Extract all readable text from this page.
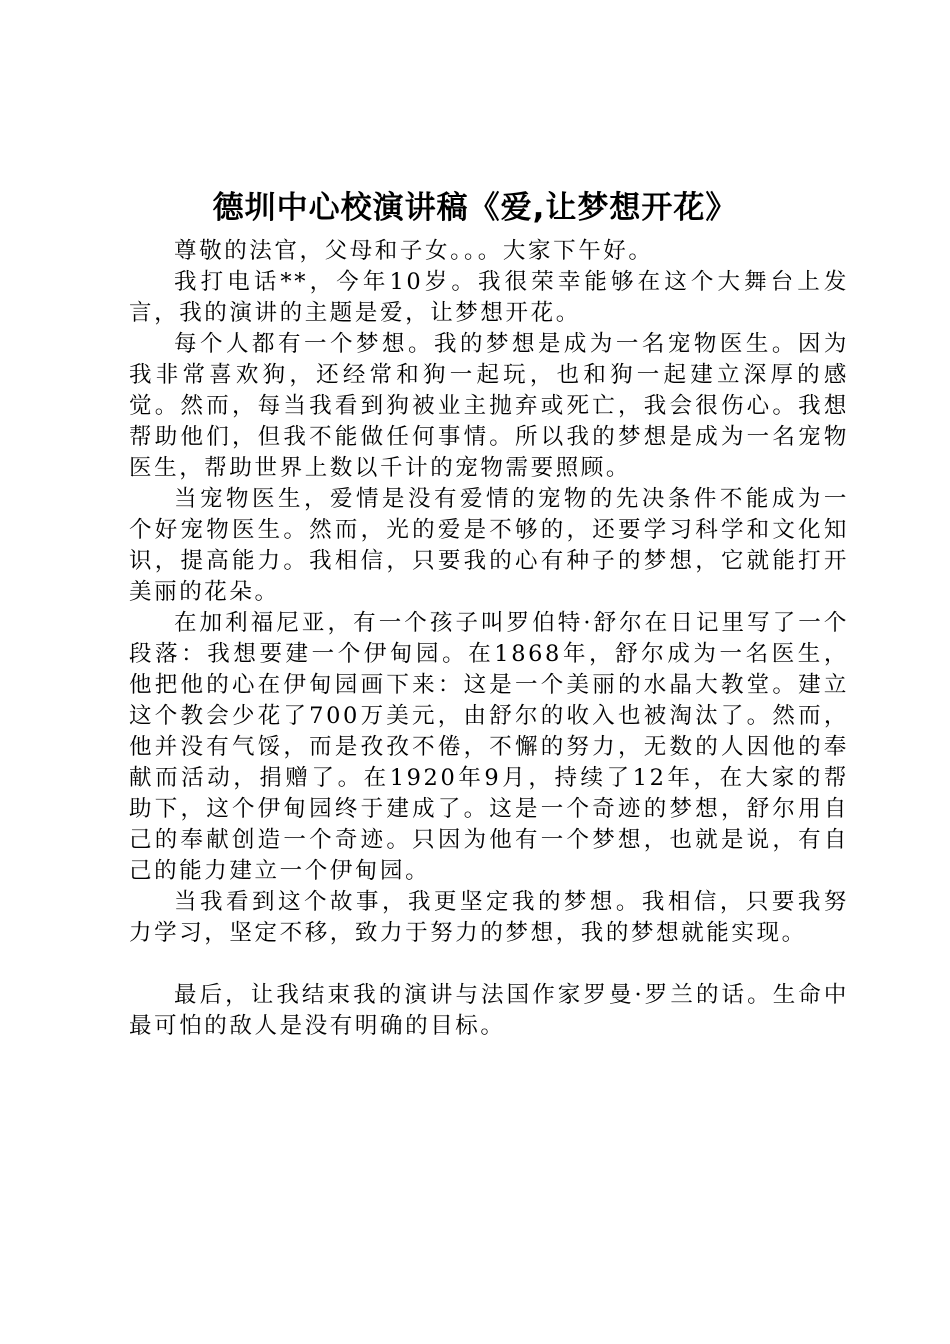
德圳中心校演讲稿《爱,让梦想开花》

尊敬的法官，父母和子女。。。大家下午好。

我打电话**，今年10岁。我很荣幸能够在这个大舞台上发言，我的演讲的主题是爱，让梦想开花。

每个人都有一个梦想。我的梦想是成为一名宠物医生。因为我非常喜欢狗，还经常和狗一起玩，也和狗一起建立深厚的感觉。然而，每当我看到狗被业主抛弃或死亡，我会很伤心。我想帮助他们，但我不能做任何事情。所以我的梦想是成为一名宠物医生，帮助世界上数以千计的宠物需要照顾。

当宠物医生，爱情是没有爱情的宠物的先决条件不能成为一个好宠物医生。然而，光的爱是不够的，还要学习科学和文化知识，提高能力。我相信，只要我的心有种子的梦想，它就能打开美丽的花朵。

在加利福尼亚，有一个孩子叫罗伯特·舒尔在日记里写了一个段落：我想要建一个伊甸园。在1868年，舒尔成为一名医生，他把他的心在伊甸园画下来：这是一个美丽的水晶大教堂。建立这个教会少花了700万美元，由舒尔的收入也被淘汰了。然而，他并没有气馁，而是孜孜不倦，不懈的努力，无数的人因他的奉献而活动，捐赠了。在1920年9月，持续了12年，在大家的帮助下，这个伊甸园终于建成了。这是一个奇迹的梦想，舒尔用自己的奉献创造一个奇迹。只因为他有一个梦想，也就是说，有自己的能力建立一个伊甸园。

当我看到这个故事，我更坚定我的梦想。我相信，只要我努力学习，坚定不移，致力于努力的梦想，我的梦想就能实现。

最后，让我结束我的演讲与法国作家罗曼·罗兰的话。生命中最可怕的敌人是没有明确的目标。
